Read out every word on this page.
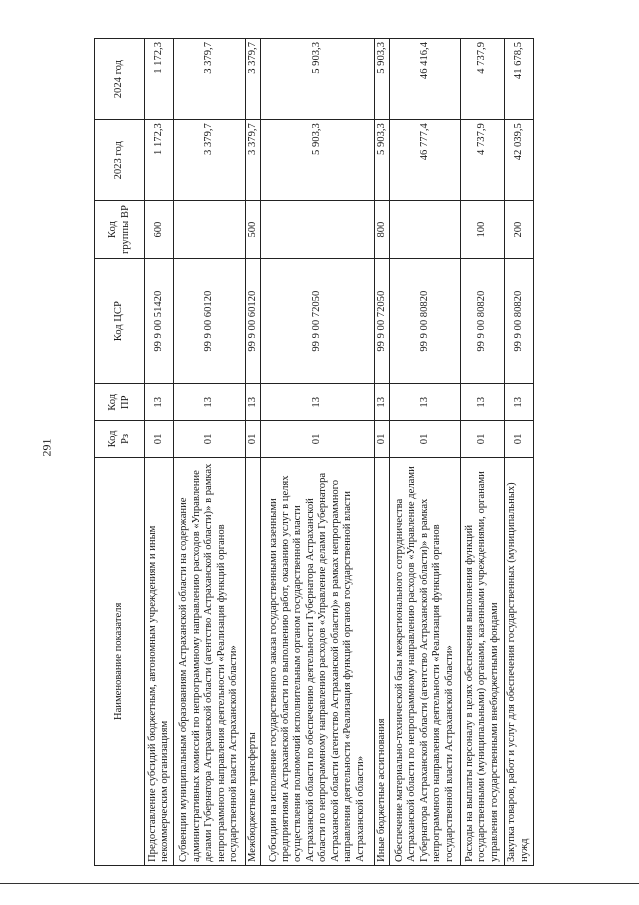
291
Наименование показателя	Код Рз	Код ПР	Код ЦСР	Код группы ВР	2023 год	2024 год
Предоставление субсидий бюджетным, автономным учреждениям и иным некоммерческим организациям	01	13	99 9 00 51420	600	1 172,3	1 172,3
Субвенции муниципальным образованиям Астраханской области на содержание административных комиссий по непрограммному направлению расходов «Управление делами Губернатора Астраханской области (агентство Астраханской области)» в рамках непрограммного направления деятельности «Реализация функций органов государственной власти Астраханской области»	01	13	99 9 00 60120		3 379,7	3 379,7
Межбюджетные трансферты	01	13	99 9 00 60120	500	3 379,7	3 379,7
Субсидии на исполнение государственного заказа государственными казенными предприятиями Астраханской области по выполнению работ, оказанию услуг в целях осуществления полномочий исполнительным органом государственной власти Астраханской области по обеспечению деятельности Губернатора Астраханской области по непрограммному направлению расходов «Управление делами Губернатора Астраханской области (агентство Астраханской области)» в рамках непрограммного направления деятельности «Реализация функций органов государственной власти Астраханской области»	01	13	99 9 00 72050		5 903,3	5 903,3
Иные бюджетные ассигнования	01	13	99 9 00 72050	800	5 903,3	5 903,3
Обеспечение материально-технической базы межрегионального сотрудничества Астраханской области по непрограммному направлению расходов «Управление делами Губернатора Астраханской области (агентство Астраханской области)» в рамках непрограммного направления деятельности «Реализация функций органов государственной власти Астраханской области»	01	13	99 9 00 80820		46 777,4	46 416,4
Расходы на выплаты персоналу в целях обеспечения выполнения функций государственными (муниципальными) органами, казенными учреждениями, органами управления государственными внебюджетными фондами	01	13	99 9 00 80820	100	4 737,9	4 737,9
Закупка товаров, работ и услуг для обеспечения государственных (муниципальных) нужд	01	13	99 9 00 80820	200	42 039,5	41 678,5
